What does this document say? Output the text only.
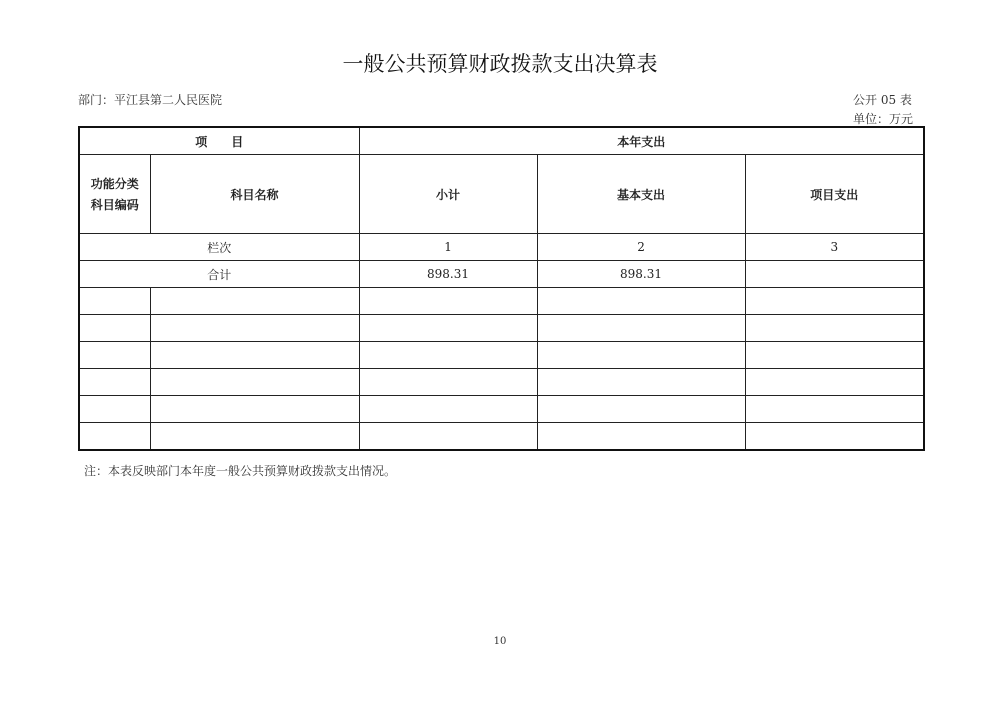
一般公共预算财政拨款支出决算表
部门：平江县第二人民医院	公开 05 表
单位：万元
项　　目		本年支出		

功能分类
科目编码	科目名称	小计	基本支出	项目支出
栏次		1	2	3
合计		898.31	898.31	

注：本表反映部门本年度一般公共预算财政拨款支出情况。
10
